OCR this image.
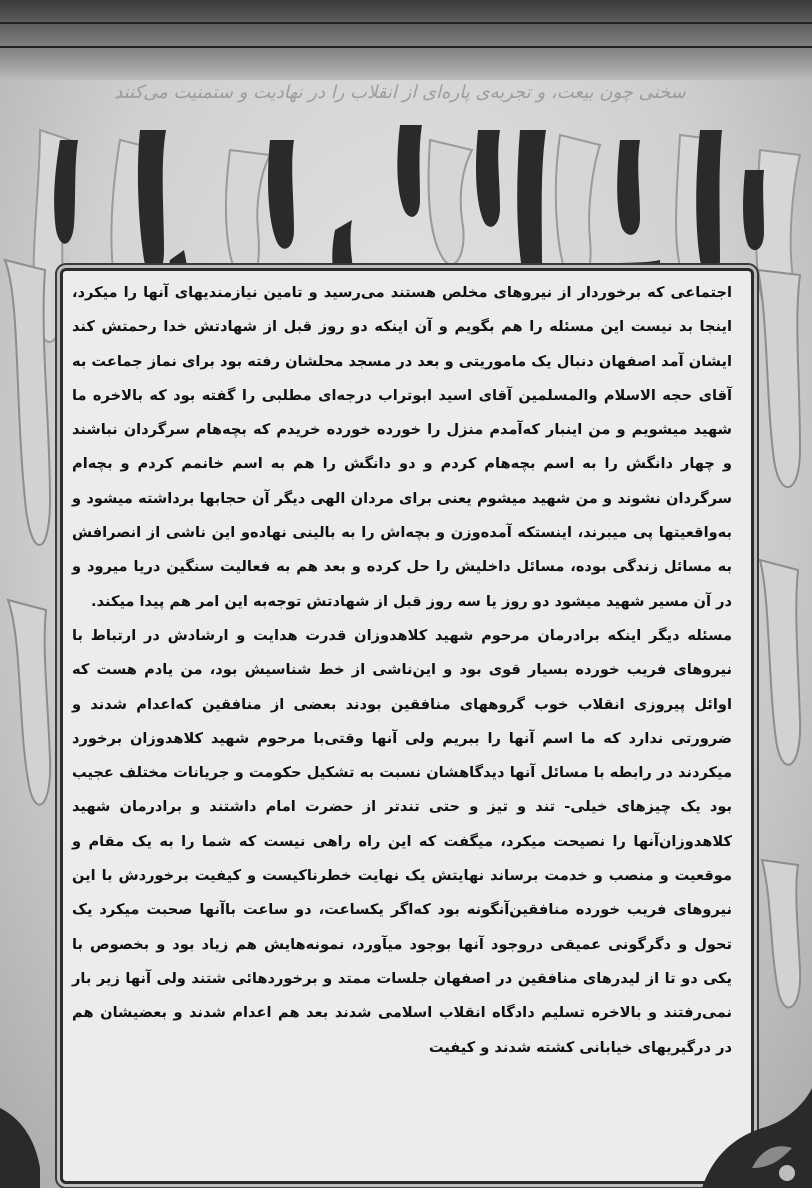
سخنی چون بیعت، و تجربه‌ی پاره‌ای از انقلاب را در نهادیت و ستمنیت می‌کنند

اجتماعی که برخوردار از نیروهای مخلص هستند می‌رسید و تامین نیازمندیهای آنها را میکرد، اینجا بد نیست این مسئله را هم بگویم و آن اینکه دو روز قبل از شهادتش خدا رحمتش کند ایشان آمد اصفهان دنبال یک ماموریتی و بعد در مسجد محلشان رفته بود برای نماز جماعت به آقای حجه الاسلام والمسلمین آقای اسید ابوتراب درجه‌ای مطلبی را گفته بود که بالاخره ما شهید میشویم و من اینبار که‌آمدم منزل را خورده خورده خریدم که بچه‌هام سرگردان نباشند و چهار دانگش را به اسم بچه‌هام کردم و دو دانگش را هم به اسم خانمم کردم و بچه‌ام سرگردان نشوند و من شهید میشوم یعنی برای مردان الهی دیگر آن حجابها برداشته میشود و به‌واقعیتها پی میبرند، اینستکه آمده‌وزن و بچه‌اش را به بالینی نهاده‌و این ناشی از انصرافش به مسائل زندگی بوده، مسائل داخلیش را حل کرده و بعد هم به فعالیت سنگین دریا میرود و در آن مسیر شهید میشود دو روز یا سه روز قبل از شهادتش توجه‌به این امر هم پیدا میکند.

مسئله دیگر اینکه برادرمان مرحوم شهید کلاهدوزان قدرت هدایت و ارشادش در ارتباط با نیروهای فریب خورده بسیار قوی بود و این‌ناشی از خط شناسیش بود، من یادم هست که اوائل پیروزی انقلاب خوب گروههای منافقین بودند بعضی از منافقین که‌اعدام شدند و ضرورتی ندارد که ما اسم آنها را ببریم ولی آنها وقتی‌با مرحوم شهید کلاهدوزان برخورد میکردند در رابطه با مسائل آنها دیدگاهشان نسبت به تشکیل حکومت و جریانات مختلف عجیب بود یک چیزهای خیلی- تند و تیز و حتی تندتر از حضرت امام داشتند و برادرمان شهید کلاهدوزان‌آنها را نصیحت میکرد، میگفت که این راه راهی نیست که شما را به یک مقام و موقعیت و منصب و خدمت برساند نهایتش یک نهایت خطرناکیست و کیفیت برخوردش با این نیروهای فریب خورده منافقین‌آنگونه بود که‌اگر یکساعت، دو ساعت با‌آنها صحبت میکرد یک تحول و دگرگونی عمیقی دروجود آنها بوجود میآورد، نمونه‌هایش هم زیاد بود و بخصوص با یکی دو تا از لیدرهای منافقین در اصفهان جلسات ممتد و برخوردهائی شتند ولی آنها زیر بار نمی‌رفتند و بالاخره تسلیم دادگاه انقلاب اسلامی شدند بعد هم اعدام شدند و بعضیشان هم در درگیریهای خیابانی کشته شدند و کیفیت
